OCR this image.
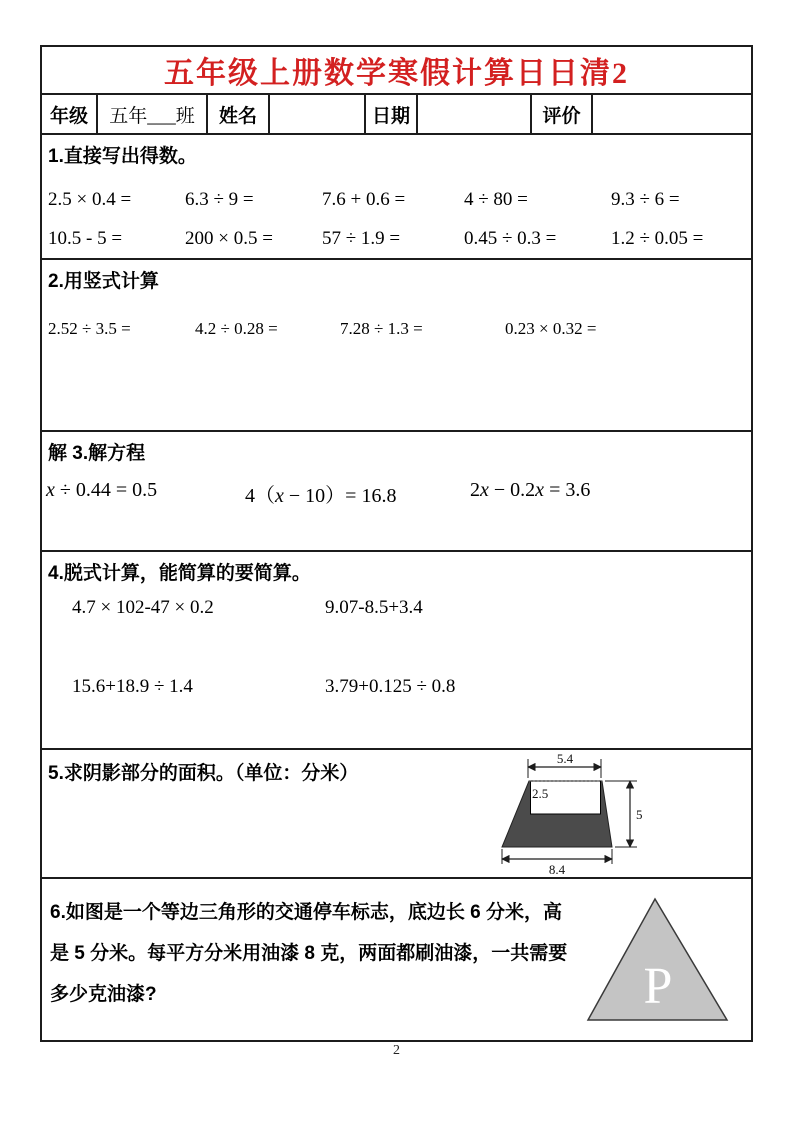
五年级上册数学寒假计算日日清2
年级	五年___班	姓名	日期	评价
1.直接写出得数。
2.5 × 0.4 =	6.3 ÷ 9 =	7.6 + 0.6 =	4 ÷ 80 =	9.3 ÷ 6 =
10.5 - 5 =	200 × 0.5 =	57 ÷ 1.9 =	0.45 ÷ 0.3 =	1.2 ÷ 0.05 =
2.用竖式计算
2.52 ÷ 3.5 =	4.2 ÷ 0.28 =	7.28 ÷ 1.3 =	0.23 × 0.32 =
解 3.解方程
x ÷ 0.44 = 0.5	4（x − 10）= 16.8	2x − 0.2x = 3.6
4.脱式计算，能简算的要简算。
4.7 × 102-47 × 0.2	9.07-8.5+3.4
15.6+18.9 ÷ 1.4	3.79+0.125 ÷ 0.8
5.求阴影部分的面积。（单位：分米）
5.4
2.5
5
8.4
6.如图是一个等边三角形的交通停车标志，底边长 6 分米，高是 5 分米。每平方分米用油漆 8 克，两面都刷油漆，一共需要多少克油漆?	P
2
